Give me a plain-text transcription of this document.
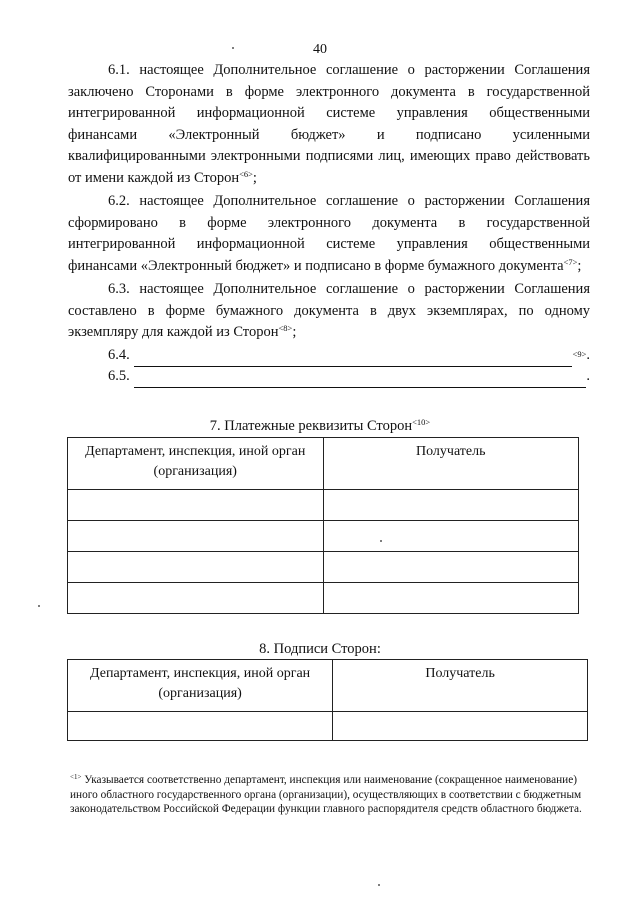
40

6.1. настоящее Дополнительное соглашение о расторжении Соглашения заключено Сторонами в форме электронного документа в государственной интегрированной информационной системе управления общественными финансами «Электронный бюджет» и подписано усиленными квалифицированными электронными подписями лиц, имеющих право действовать от имени каждой из Сторон$^{<6>}$;

6.2. настоящее Дополнительное соглашение о расторжении Соглашения сформировано в форме электронного документа в государственной интегрированной информационной системе управления общественными финансами «Электронный бюджет» и подписано в форме бумажного документа$^{<7>}$;

6.3. настоящее Дополнительное соглашение о расторжении Соглашения составлено в форме бумажного документа в двух экземплярах, по одному экземпляру для каждой из Сторон$^{<8>}$;

6.4.	<9> .
6.5.	.
7. Платежные реквизиты Сторон$^{<10>}$
Департамент, инспекция, иной орган (организация)	Получатель

8. Подписи Сторон:
Департамент, инспекция, иной орган (организация)	Получатель

$^{<1>}$ Указывается соответственно департамент, инспекция или наименование (сокращенное наименование) иного областного государственного органа (организации), осуществляющих в соответствии с бюджетным законодательством Российской Федерации функции главного распорядителя средств областного бюджета.
